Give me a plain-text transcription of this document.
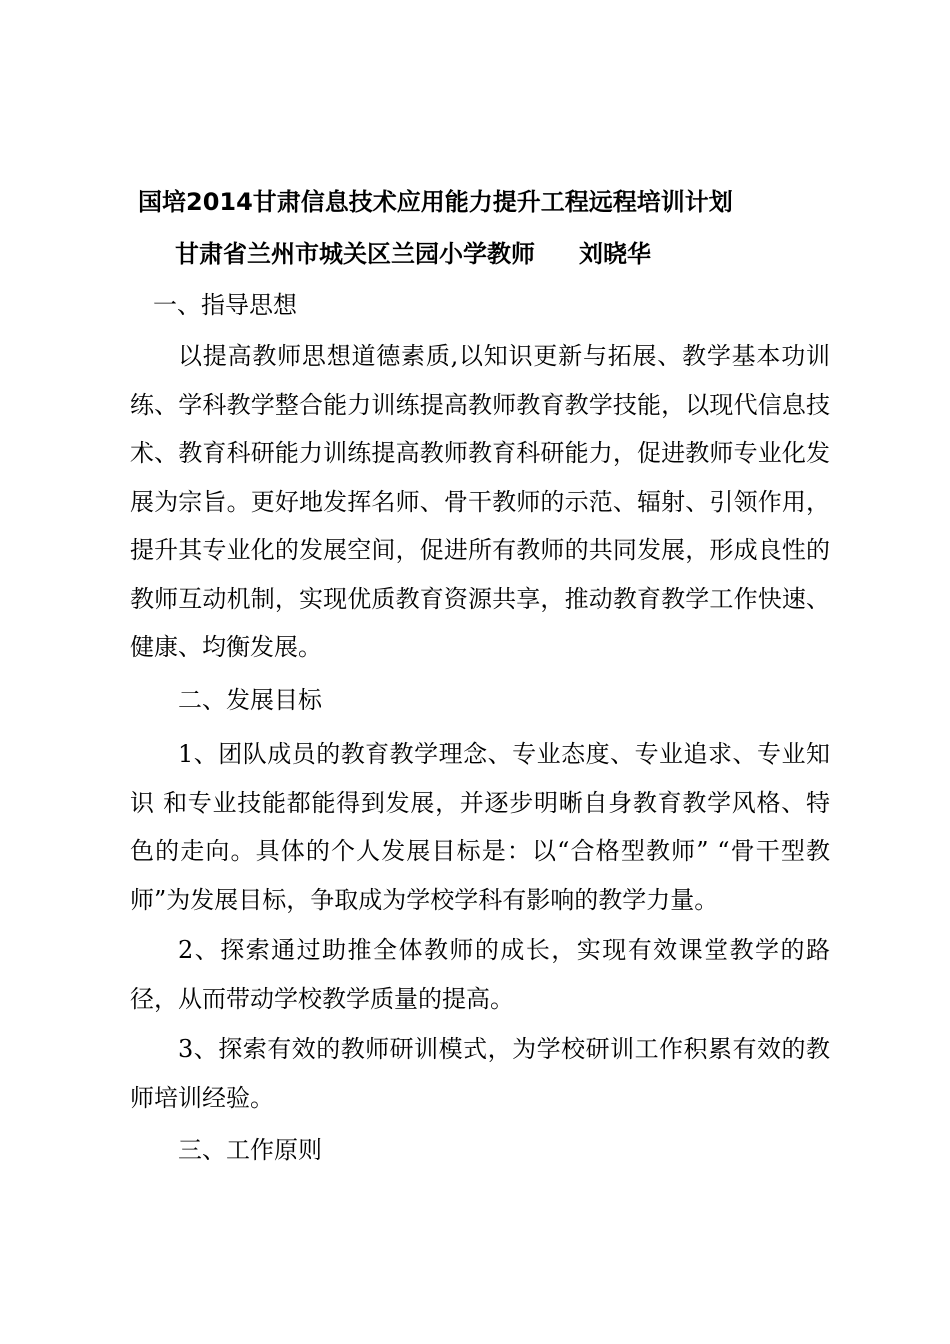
国培2014甘肃信息技术应用能力提升工程远程培训计划
甘肃省兰州市城关区兰园小学教师 刘晓华
一、指导思想
以提高教师思想道德素质,以知识更新与拓展、教学基本功训练、学科教学整合能力训练提高教师教育教学技能，以现代信息技术、教育科研能力训练提高教师教育科研能力，促进教师专业化发展为宗旨。更好地发挥名师、骨干教师的示范、辐射、引领作用，提升其专业化的发展空间，促进所有教师的共同发展，形成良性的教师互动机制，实现优质教育资源共享，推动教育教学工作快速、健康、均衡发展。
二、发展目标
1、团队成员的教育教学理念、专业态度、专业追求、专业知识 和专业技能都能得到发展，并逐步明晰自身教育教学风格、特色的走向。具体的个人发展目标是：以“合格型教师” “骨干型教师”为发展目标，争取成为学校学科有影响的教学力量。
2、探索通过助推全体教师的成长，实现有效课堂教学的路径，从而带动学校教学质量的提高。
3、探索有效的教师研训模式，为学校研训工作积累有效的教师培训经验。
三、工作原则
